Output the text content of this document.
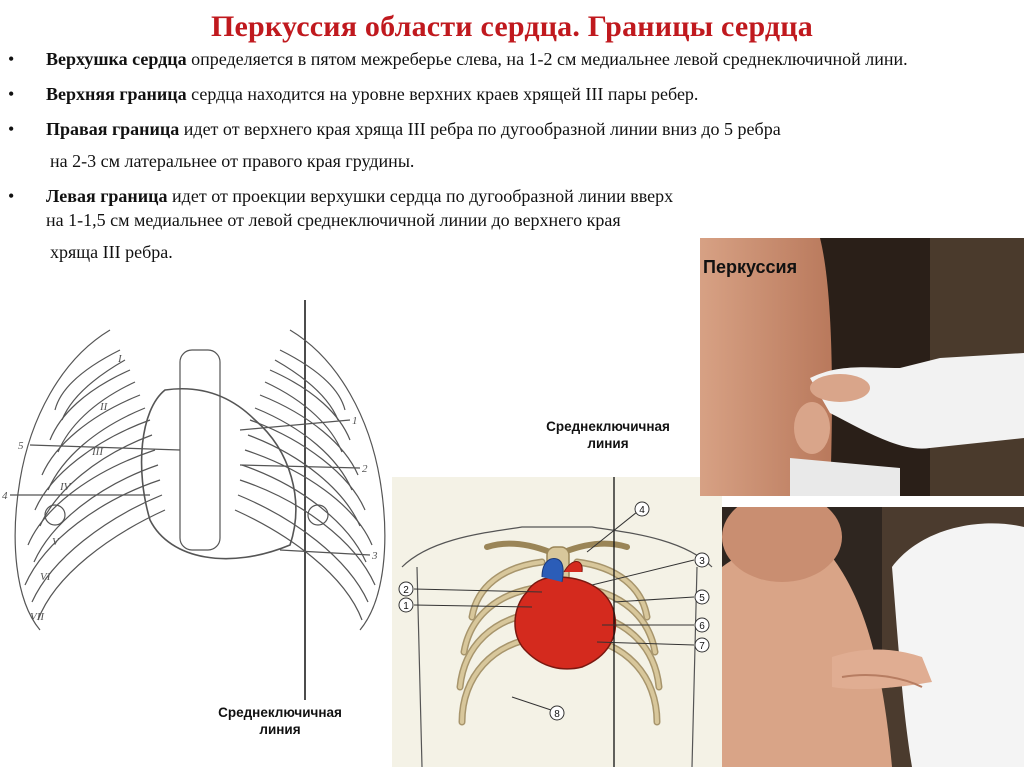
Перкуссия области сердца. Границы сердца
• Верхушка сердца определяется в пятом межреберье слева, на 1-2 см медиальнее левой среднеключичной лини.
• Верхняя граница сердца находится на уровне верхних краев хрящей III пары ребер.
• Правая граница идет от верхнего края хряща III ребра по дугообразной линии вниз до 5 ребра
на 2-3 см латеральнее от правого края грудины.
• Левая граница идет от проекции верхушки сердца по дугообразной линии вверх на 1-1,5 см медиальнее от левой среднеключичной линии до верхнего края
хряща III ребра.
1
2
3
4
5
I
II
III
IV
V
VI
VII
Среднеключичная
линия
1
2
3
4
5
6
7
8
Среднеключичная
линия
Перкуссия
